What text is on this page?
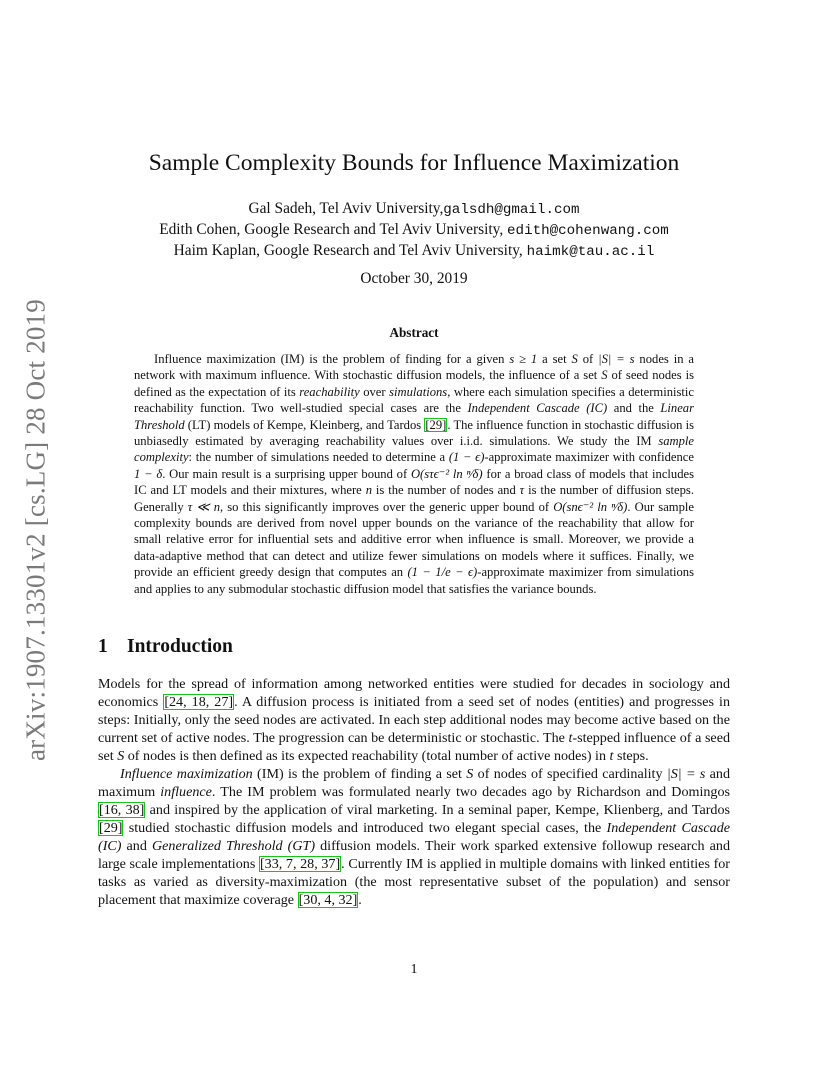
arXiv:1907.13301v2 [cs.LG] 28 Oct 2019
Sample Complexity Bounds for Influence Maximization
Gal Sadeh, Tel Aviv University,galsdh@gmail.com
Edith Cohen, Google Research and Tel Aviv University, edith@cohenwang.com
Haim Kaplan, Google Research and Tel Aviv University, haimk@tau.ac.il
October 30, 2019
Abstract

Influence maximization (IM) is the problem of finding for a given s ≥ 1 a set S of |S| = s nodes in a network with maximum influence. With stochastic diffusion models, the influence of a set S of seed nodes is defined as the expectation of its reachability over simulations, where each simulation specifies a deterministic reachability function. Two well-studied special cases are the Independent Cascade (IC) and the Linear Threshold (LT) models of Kempe, Kleinberg, and Tardos [29]. The influence function in stochastic diffusion is unbiasedly estimated by averaging reachability values over i.i.d. simulations. We study the IM sample complexity: the number of simulations needed to determine a (1 − ϵ)-approximate maximizer with confidence 1 − δ. Our main result is a surprising upper bound of O(sτϵ⁻² ln ⁿ⁄δ) for a broad class of models that includes IC and LT models and their mixtures, where n is the number of nodes and τ is the number of diffusion steps. Generally τ ≪ n, so this significantly improves over the generic upper bound of O(snϵ⁻² ln ⁿ⁄δ). Our sample complexity bounds are derived from novel upper bounds on the variance of the reachability that allow for small relative error for influential sets and additive error when influence is small. Moreover, we provide a data-adaptive method that can detect and utilize fewer simulations on models where it suffices. Finally, we provide an efficient greedy design that computes an (1 − 1/e − ϵ)-approximate maximizer from simulations and applies to any submodular stochastic diffusion model that satisfies the variance bounds.

1 Introduction

Models for the spread of information among networked entities were studied for decades in sociology and economics [24, 18, 27]. A diffusion process is initiated from a seed set of nodes (entities) and progresses in steps: Initially, only the seed nodes are activated. In each step additional nodes may become active based on the current set of active nodes. The progression can be deterministic or stochastic. The t-stepped influence of a seed set S of nodes is then defined as its expected reachability (total number of active nodes) in t steps.

Influence maximization (IM) is the problem of finding a set S of nodes of specified cardinality |S| = s and maximum influence. The IM problem was formulated nearly two decades ago by Richardson and Domingos [16, 38] and inspired by the application of viral marketing. In a seminal paper, Kempe, Klienberg, and Tardos [29] studied stochastic diffusion models and introduced two elegant special cases, the Independent Cascade (IC) and Generalized Threshold (GT) diffusion models. Their work sparked extensive followup research and large scale implementations [33, 7, 28, 37]. Currently IM is applied in multiple domains with linked entities for tasks as varied as diversity-maximization (the most representative subset of the population) and sensor placement that maximize coverage [30, 4, 32].

1
